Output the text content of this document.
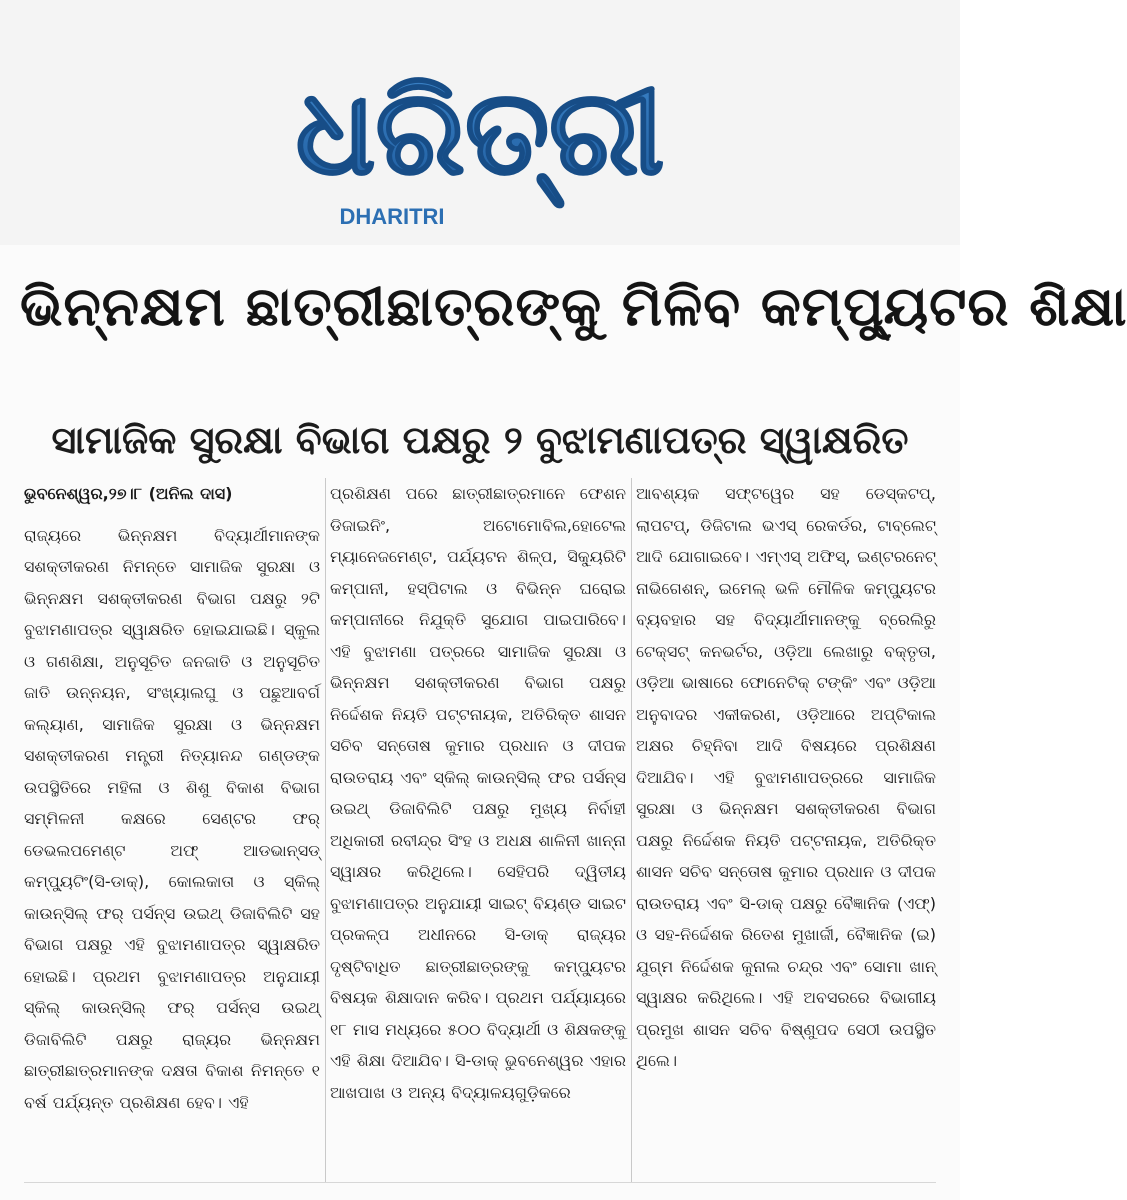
ଧରିତ୍ରୀ
DHARITRI
ଭିନ୍ନକ୍ଷମ ଛାତ୍ରୀଛାତ୍ରଙ୍କୁ ମିଳିବ କମ୍ପ୍ୟୁଟର ଶିକ୍ଷା
ସାମାଜିକ ସୁରକ୍ଷା ବିଭାଗ ପକ୍ଷରୁ ୨ ବୁଝାମଣାପତ୍ର ସ୍ୱାକ୍ଷରିତ
ଭୁବନେଶ୍ୱର,୨୭।୮ (ଅନିଲ ଦାସ)
ରାଜ୍ୟରେ ଭିନ୍ନକ୍ଷମ ବିଦ୍ୟାର୍ଥୀମାନଙ୍କ ସଶକ୍ତୀକରଣ ନିମନ୍ତେ ସାମାଜିକ ସୁରକ୍ଷା ଓ ଭିନ୍ନକ୍ଷମ ସଶକ୍ତୀକରଣ ବିଭାଗ ପକ୍ଷରୁ ୨ଟି ବୁଝାମଣାପତ୍ର ସ୍ୱାକ୍ଷରିତ ହୋଇଯାଇଛି। ସ୍କୁଲ ଓ ଗଣଶିକ୍ଷା, ଅନୁସୂଚିତ ଜନଜାତି ଓ ଅନୁସୂଚିତ ଜାତି ଉନ୍ନୟନ, ସଂଖ୍ୟାଲଘୁ ଓ ପଛୁଆବର୍ଗ କଲ୍ୟାଣ, ସାମାଜିକ ସୁରକ୍ଷା ଓ ଭିନ୍ନକ୍ଷମ ସଶକ୍ତୀକରଣ ମନ୍ତ୍ରୀ ନିତ୍ୟାନନ୍ଦ ଗଣ୍ଡଙ୍କ ଉପସ୍ଥିତିରେ ମହିଳା ଓ ଶିଶୁ ବିକାଶ ବିଭାଗ ସମ୍ମିଳନୀ କକ୍ଷରେ ସେଣ୍ଟର ଫର୍ ଡେଭଲପମେଣ୍ଟ ଅଫ୍ ଆଡଭାନ୍ସଡ୍ କମ୍ପ୍ୟୁଟିଂ(ସି-ଡାକ୍), କୋଲକାତା ଓ ସ୍କିଲ୍ କାଉନ୍ସିଲ୍ ଫର୍ ପର୍ସନ୍ସ ଉଇଥ୍ ଡିଜାବିଲିଟି ସହ ବିଭାଗ ପକ୍ଷରୁ ଏହି ବୁଝାମଣାପତ୍ର ସ୍ୱାକ୍ଷରିତ ହୋଇଛି। ପ୍ରଥମ ବୁଝାମଣାପତ୍ର ଅନୁଯାୟୀ ସ୍କିଲ୍ କାଉନ୍ସିଲ୍ ଫର୍ ପର୍ସନ୍ସ ଉଇଥ୍ ଡିଜାବିଲିଟି ପକ୍ଷରୁ ରାଜ୍ୟର ଭିନ୍ନକ୍ଷମ ଛାତ୍ରୀଛାତ୍ରମାନଙ୍କ ଦକ୍ଷତା ବିକାଶ ନିମନ୍ତେ ୧ ବର୍ଷ ପର୍ଯ୍ୟନ୍ତ ପ୍ରଶିକ୍ଷଣ ହେବ। ଏହି
ପ୍ରଶିକ୍ଷଣ ପରେ ଛାତ୍ରୀଛାତ୍ରମାନେ ଫେଶନ ଡିଜାଇନିଂ, ଅଟୋମୋବିଲ,ହୋଟେଲ ମ୍ୟାନେଜମେଣ୍ଟ, ପର୍ଯ୍ୟଟନ ଶିଳ୍ପ, ସିକ୍ୟୁରିଟି କମ୍ପାନୀ, ହସ୍ପିଟାଲ ଓ ବିଭିନ୍ନ ଘରୋଇ କମ୍ପାନୀରେ ନିଯୁକ୍ତି ସୁଯୋଗ ପାଇପାରିବେ। ଏହି ବୁଝାମଣା ପତ୍ରରେ ସାମାଜିକ ସୁରକ୍ଷା ଓ ଭିନ୍ନକ୍ଷମ ସଶକ୍ତୀକରଣ ବିଭାଗ ପକ୍ଷରୁ ନିର୍ଦ୍ଦେଶକ ନିୟତି ପଟ୍ଟନାୟକ, ଅତିରିକ୍ତ ଶାସନ ସଚିବ ସନ୍ତୋଷ କୁମାର ପ୍ରଧାନ ଓ ଦୀପକ ରାଉତରାୟ ଏବଂ ସ୍କିଲ୍ କାଉନ୍ସିଲ୍ ଫର ପର୍ସନ୍ସ ଉଇଥ୍ ଡିଜାବିଲିଟି ପକ୍ଷରୁ ମୁଖ୍ୟ ନିର୍ବାହୀ ଅଧିକାରୀ ରବୀନ୍ଦ୍ର ସିଂହ ଓ ଅଧକ୍ଷ ଶାଳିନୀ ଖାନ୍ନା ସ୍ୱାକ୍ଷର କରିଥିଲେ। ସେହିପରି ଦ୍ୱିତୀୟ ବୁଝାମଣାପତ୍ର ଅନୁଯାୟୀ ସାଇଟ୍ ବିୟଣ୍ଡ ସାଇଟ ପ୍ରକଳ୍ପ ଅଧୀନରେ ସି-ଡାକ୍ ରାଜ୍ୟର ଦୃଷ୍ଟିବାଧିତ ଛାତ୍ରୀଛାତ୍ରଙ୍କୁ କମ୍ପ୍ୟୁଟର ବିଷୟକ ଶିକ୍ଷାଦାନ କରିବ। ପ୍ରଥମ ପର୍ଯ୍ୟାୟରେ ୧୮ ମାସ ମଧ୍ୟରେ ୫୦୦ ବିଦ୍ୟାର୍ଥୀ ଓ ଶିକ୍ଷକଙ୍କୁ ଏହି ଶିକ୍ଷା ଦିଆଯିବ। ସି-ଡାକ୍ ଭୁବନେଶ୍ୱର ଏହାର ଆଖପାଖ ଓ ଅନ୍ୟ ବିଦ୍ୟାଳୟଗୁଡ଼ିକରେ
ଆବଶ୍ୟକ ସଫ୍ଟୱେର ସହ ଡେସ୍କଟପ୍, ଲାପଟପ୍, ଡିଜିଟାଲ ଭଏସ୍ ରେକର୍ଡର, ଟାବ୍ଲେଟ୍ ଆଦି ଯୋଗାଇବେ। ଏମ୍‌ଏସ୍ ଅଫିସ୍, ଇଣ୍ଟରନେଟ୍ ନାଭିଗେଶନ୍, ଇମେଲ୍ ଭଳି ମୌଳିକ କମ୍ପ୍ୟୁଟର ବ୍ୟବହାର ସହ ବିଦ୍ୟାର୍ଥୀମାନଙ୍କୁ ବ୍ରେଲିରୁ ଟେକ୍ସଟ୍ କନଭର୍ଟର, ଓଡ଼ିଆ ଲେଖାରୁ ବକ୍ତୃତା, ଓଡ଼ିଆ ଭାଷାରେ ଫୋନେଟିକ୍ ଟଙ୍କିଂ ଏବଂ ଓଡ଼ିଆ ଅନୁବାଦର ଏକୀକରଣ, ଓଡ଼ିଆରେ ଅପ୍ଟିକାଲ ଅକ୍ଷର ଚିହ୍ନିବା ଆଦି ବିଷୟରେ ପ୍ରଶିକ୍ଷଣ ଦିଆଯିବ। ଏହି ବୁଝାମଣାପତ୍ରରେ ସାମାଜିକ ସୁରକ୍ଷା ଓ ଭିନ୍ନକ୍ଷମ ସଶକ୍ତୀକରଣ ବିଭାଗ ପକ୍ଷରୁ ନିର୍ଦ୍ଦେଶକ ନିୟତି ପଟ୍ଟନାୟକ, ଅତିରିକ୍ତ ଶାସନ ସଚିବ ସନ୍ତୋଷ କୁମାର ପ୍ରଧାନ ଓ ଦୀପକ ରାଉତରାୟ ଏବଂ ସି-ଡାକ୍ ପକ୍ଷରୁ ବୈଜ୍ଞାନିକ (ଏଫ୍) ଓ ସହ-ନିର୍ଦ୍ଦେଶକ ରିତେଶ ମୁଖାର୍ଜୀ, ବୈଜ୍ଞାନିକ (ଇ) ଯୁଗ୍ମ ନିର୍ଦ୍ଦେଶକ କୁନାଲ ଚନ୍ଦ୍ର ଏବଂ ସୋମା ଖାନ୍ ସ୍ୱାକ୍ଷର କରିଥିଲେ। ଏହି ଅବସରରେ ବିଭାଗୀୟ ପ୍ରମୁଖ ଶାସନ ସଚିବ ବିଷ୍ଣୁପଦ ସେଠୀ ଉପସ୍ଥିତ ଥିଲେ।
